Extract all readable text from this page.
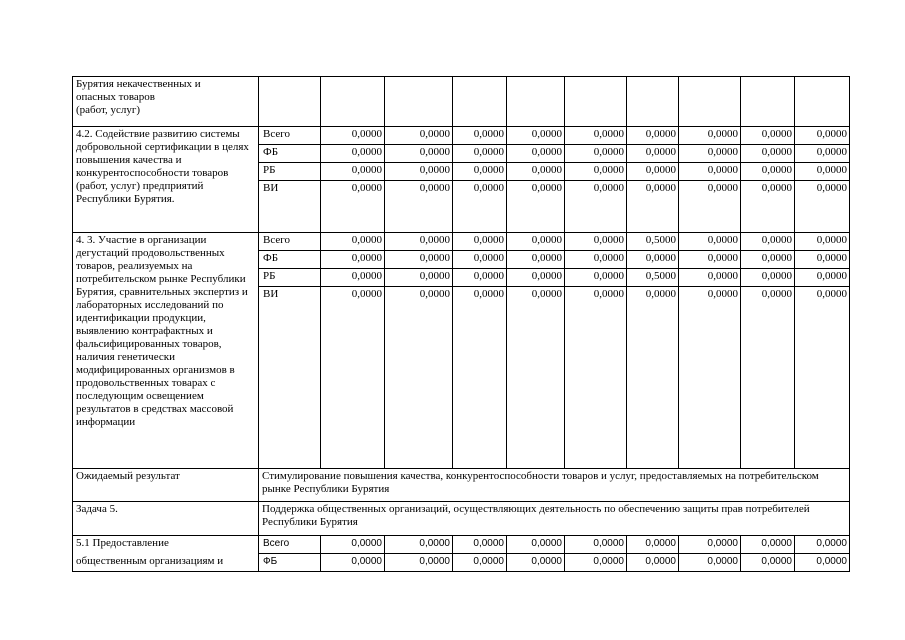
Бурятия некачественных и
опасных товаров
(работ, услуг)										
4.2. Содействие развитию системы добровольной сертификации в целях повышения качества и конкурентоспособности товаров (работ, услуг) предприятий Республики Бурятия.	Всего	0,0000	0,0000	0,0000	0,0000	0,0000	0,0000	0,0000	0,0000	0,0000
	ФБ	0,0000	0,0000	0,0000	0,0000	0,0000	0,0000	0,0000	0,0000	0,0000
	РБ	0,0000	0,0000	0,0000	0,0000	0,0000	0,0000	0,0000	0,0000	0,0000
	ВИ	0,0000	0,0000	0,0000	0,0000	0,0000	0,0000	0,0000	0,0000	0,0000
4. 3. Участие в организации дегустаций продовольственных товаров, реализуемых на потребительском рынке Республики Бурятия, сравнительных экспертиз и лабораторных исследований по идентификации продукции, выявлению контрафактных и фальсифицированных товаров, наличия генетически модифицированных организмов в продовольственных товарах с последующим освещением результатов в средствах массовой информации	Всего	0,0000	0,0000	0,0000	0,0000	0,0000	0,5000	0,0000	0,0000	0,0000
	ФБ	0,0000	0,0000	0,0000	0,0000	0,0000	0,0000	0,0000	0,0000	0,0000
	РБ	0,0000	0,0000	0,0000	0,0000	0,0000	0,5000	0,0000	0,0000	0,0000
	ВИ	0,0000	0,0000	0,0000	0,0000	0,0000	0,0000	0,0000	0,0000	0,0000
Ожидаемый результат	Стимулирование повышения качества, конкурентоспособности товаров и услуг, предоставляемых на потребительском рынке Республики Бурятия									
Задача 5.	Поддержка общественных организаций, осуществляющих деятельность по обеспечению защиты прав потребителей Республики Бурятия									
5.1 Предоставление	Всего	0,0000	0,0000	0,0000	0,0000	0,0000	0,0000	0,0000	0,0000	0,0000
общественным организациям и	ФБ	0,0000	0,0000	0,0000	0,0000	0,0000	0,0000	0,0000	0,0000	0,0000
